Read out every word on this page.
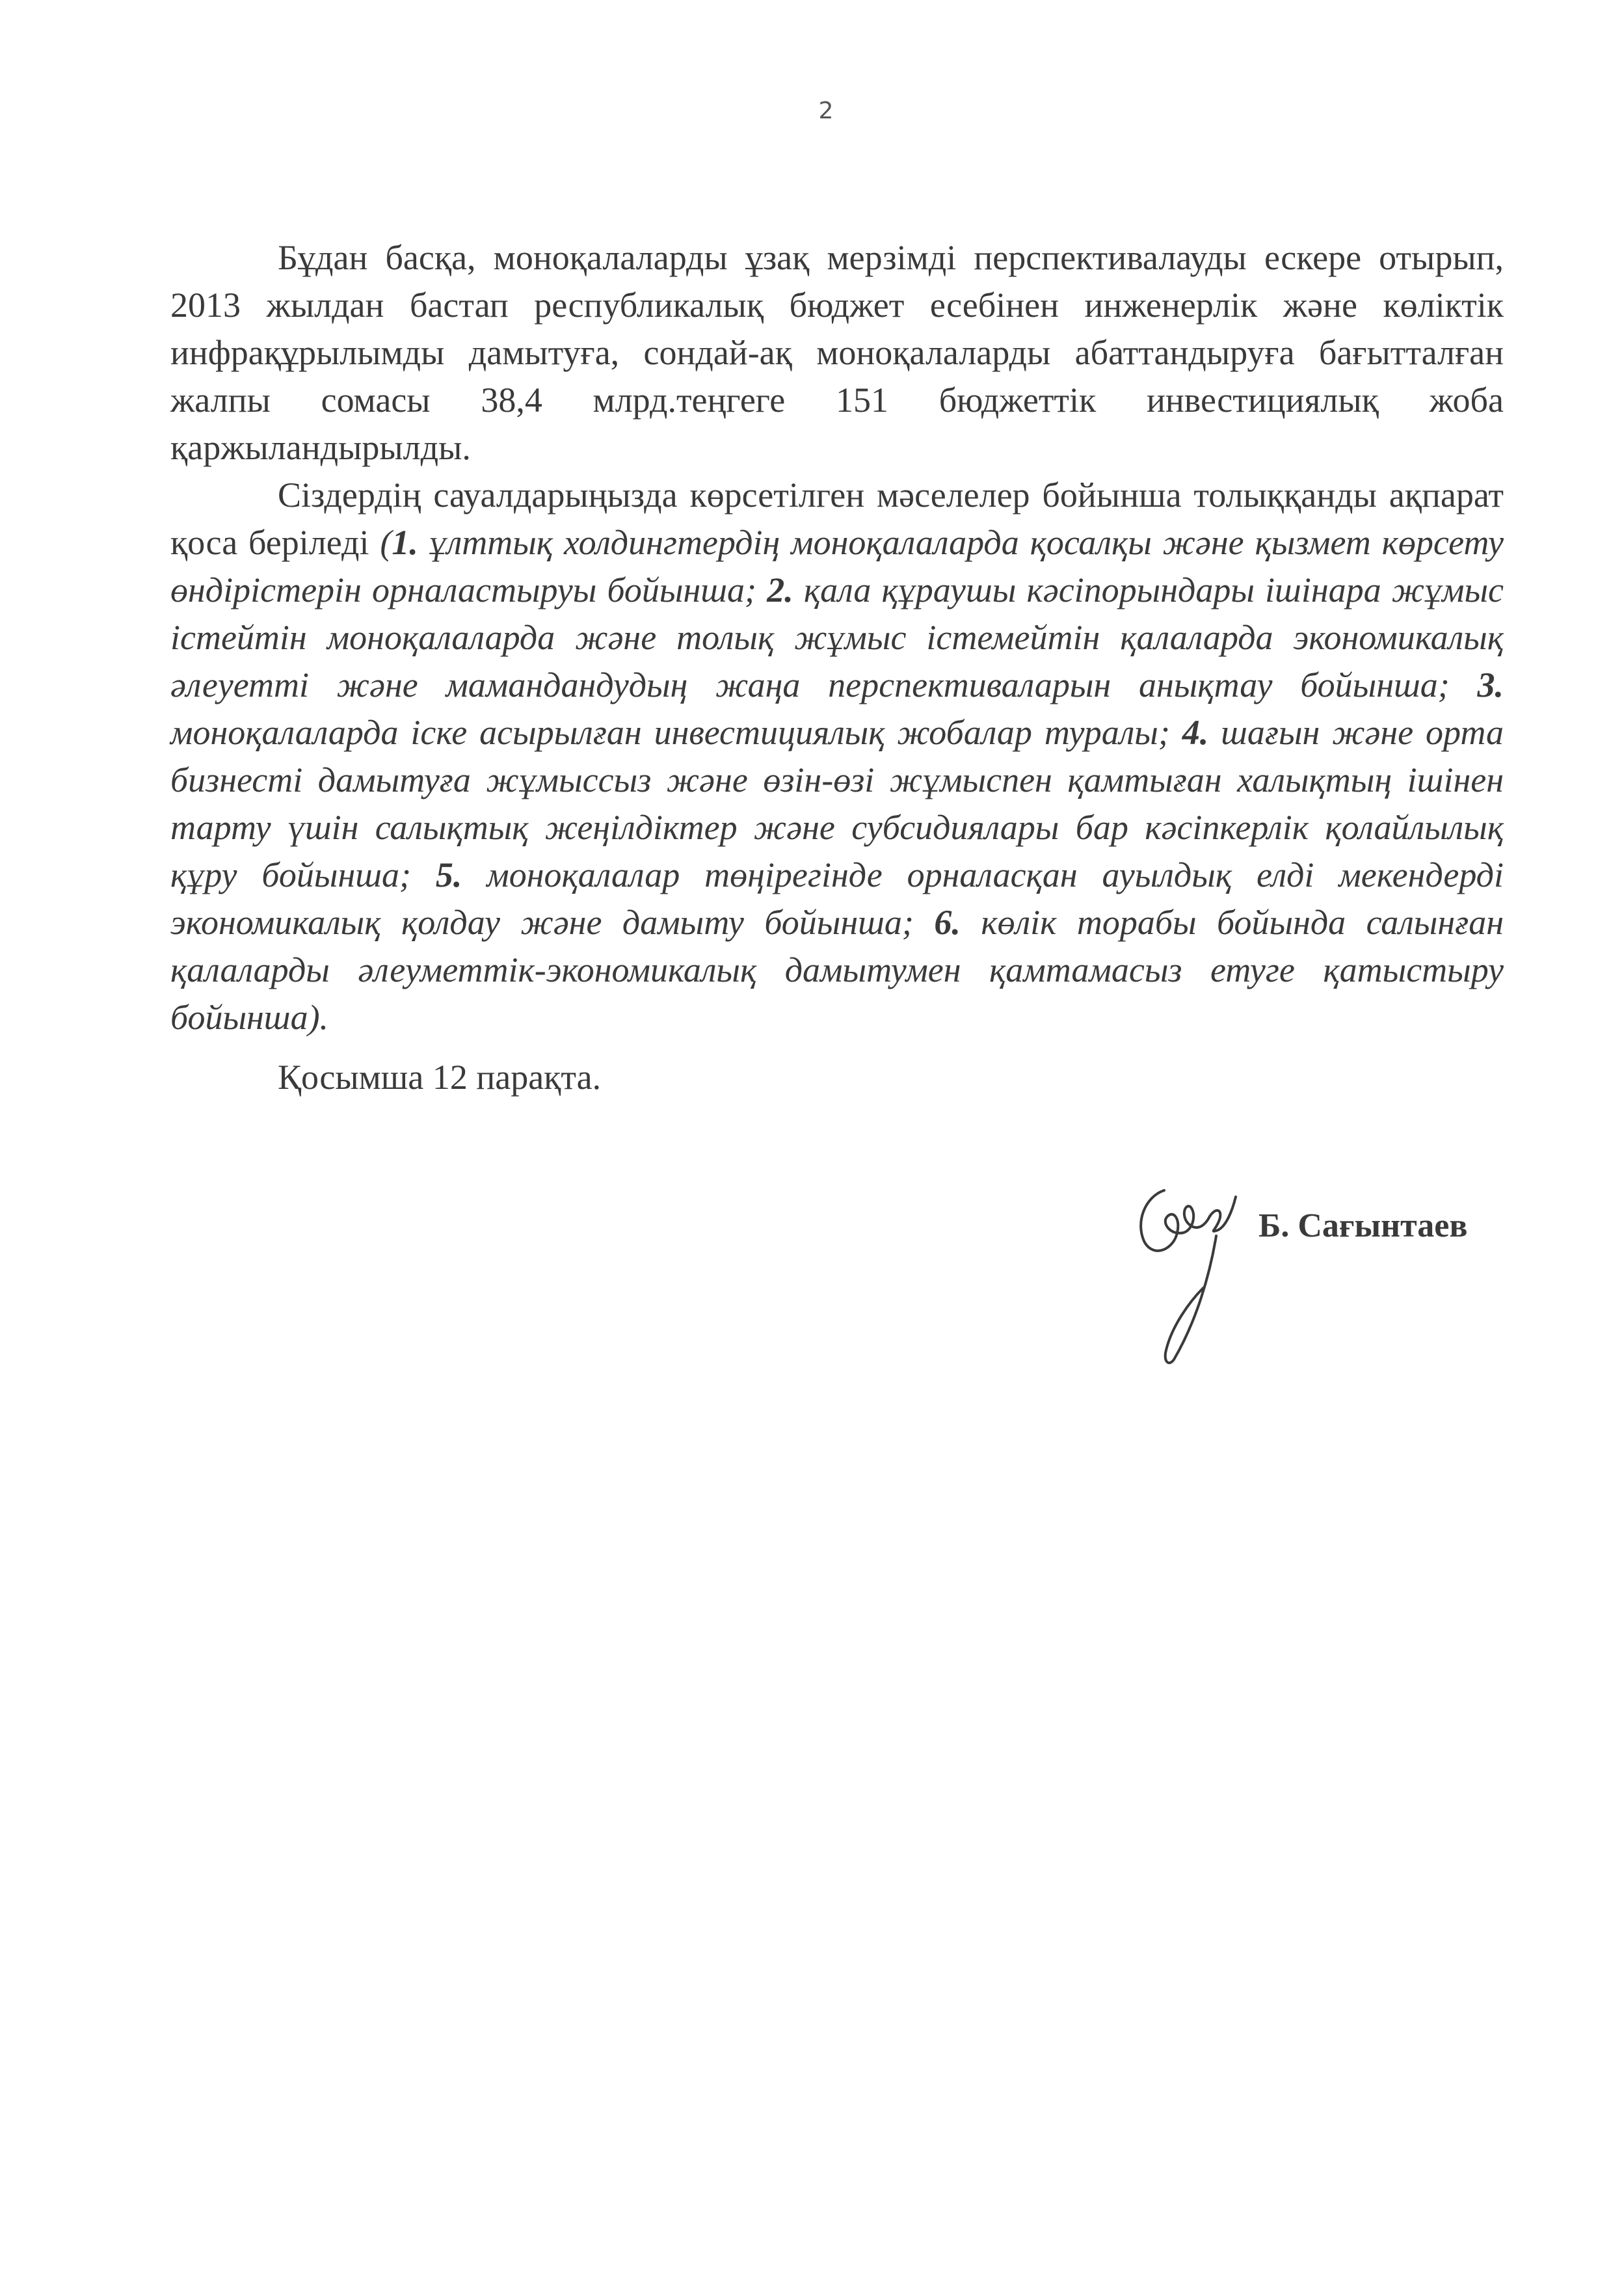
2

Бұдан басқа, моноқалаларды ұзақ мерзімді перспективалауды ескере отырып, 2013 жылдан бастап республикалық бюджет есебінен инженерлік және көліктік инфрақұрылымды дамытуға, сондай-ақ моноқалаларды абаттандыруға бағытталған жалпы сомасы 38,4 млрд.теңгеге 151 бюджеттік инвестициялық жоба қаржыландырылды.

Сіздердің сауалдарыңызда көрсетілген мәселелер бойынша толыққанды ақпарат қоса беріледі (1. ұлттық холдингтердің моноқалаларда қосалқы және қызмет көрсету өндірістерін орналастыруы бойынша; 2. қала құраушы кәсіпорындары ішінара жұмыс істейтін моноқалаларда және толық жұмыс істемейтін қалаларда экономикалық әлеуетті және мамандандудың жаңа перспективаларын анықтау бойынша; 3. моноқалаларда іске асырылған инвестициялық жобалар туралы; 4. шағын және орта бизнесті дамытуға жұмыссыз және өзін-өзі жұмыспен қамтыған халықтың ішінен тарту үшін салықтық жеңілдіктер және субсидиялары бар кәсіпкерлік қолайлылық құру бойынша; 5. моноқалалар төңірегінде орналасқан ауылдық елді мекендерді экономикалық қолдау және дамыту бойынша; 6. көлік торабы бойында салынған қалаларды әлеуметтік-экономикалық дамытумен қамтамасыз етуге қатыстыру бойынша).

Қосымша 12 парақта.

Б. Сағынтаев
